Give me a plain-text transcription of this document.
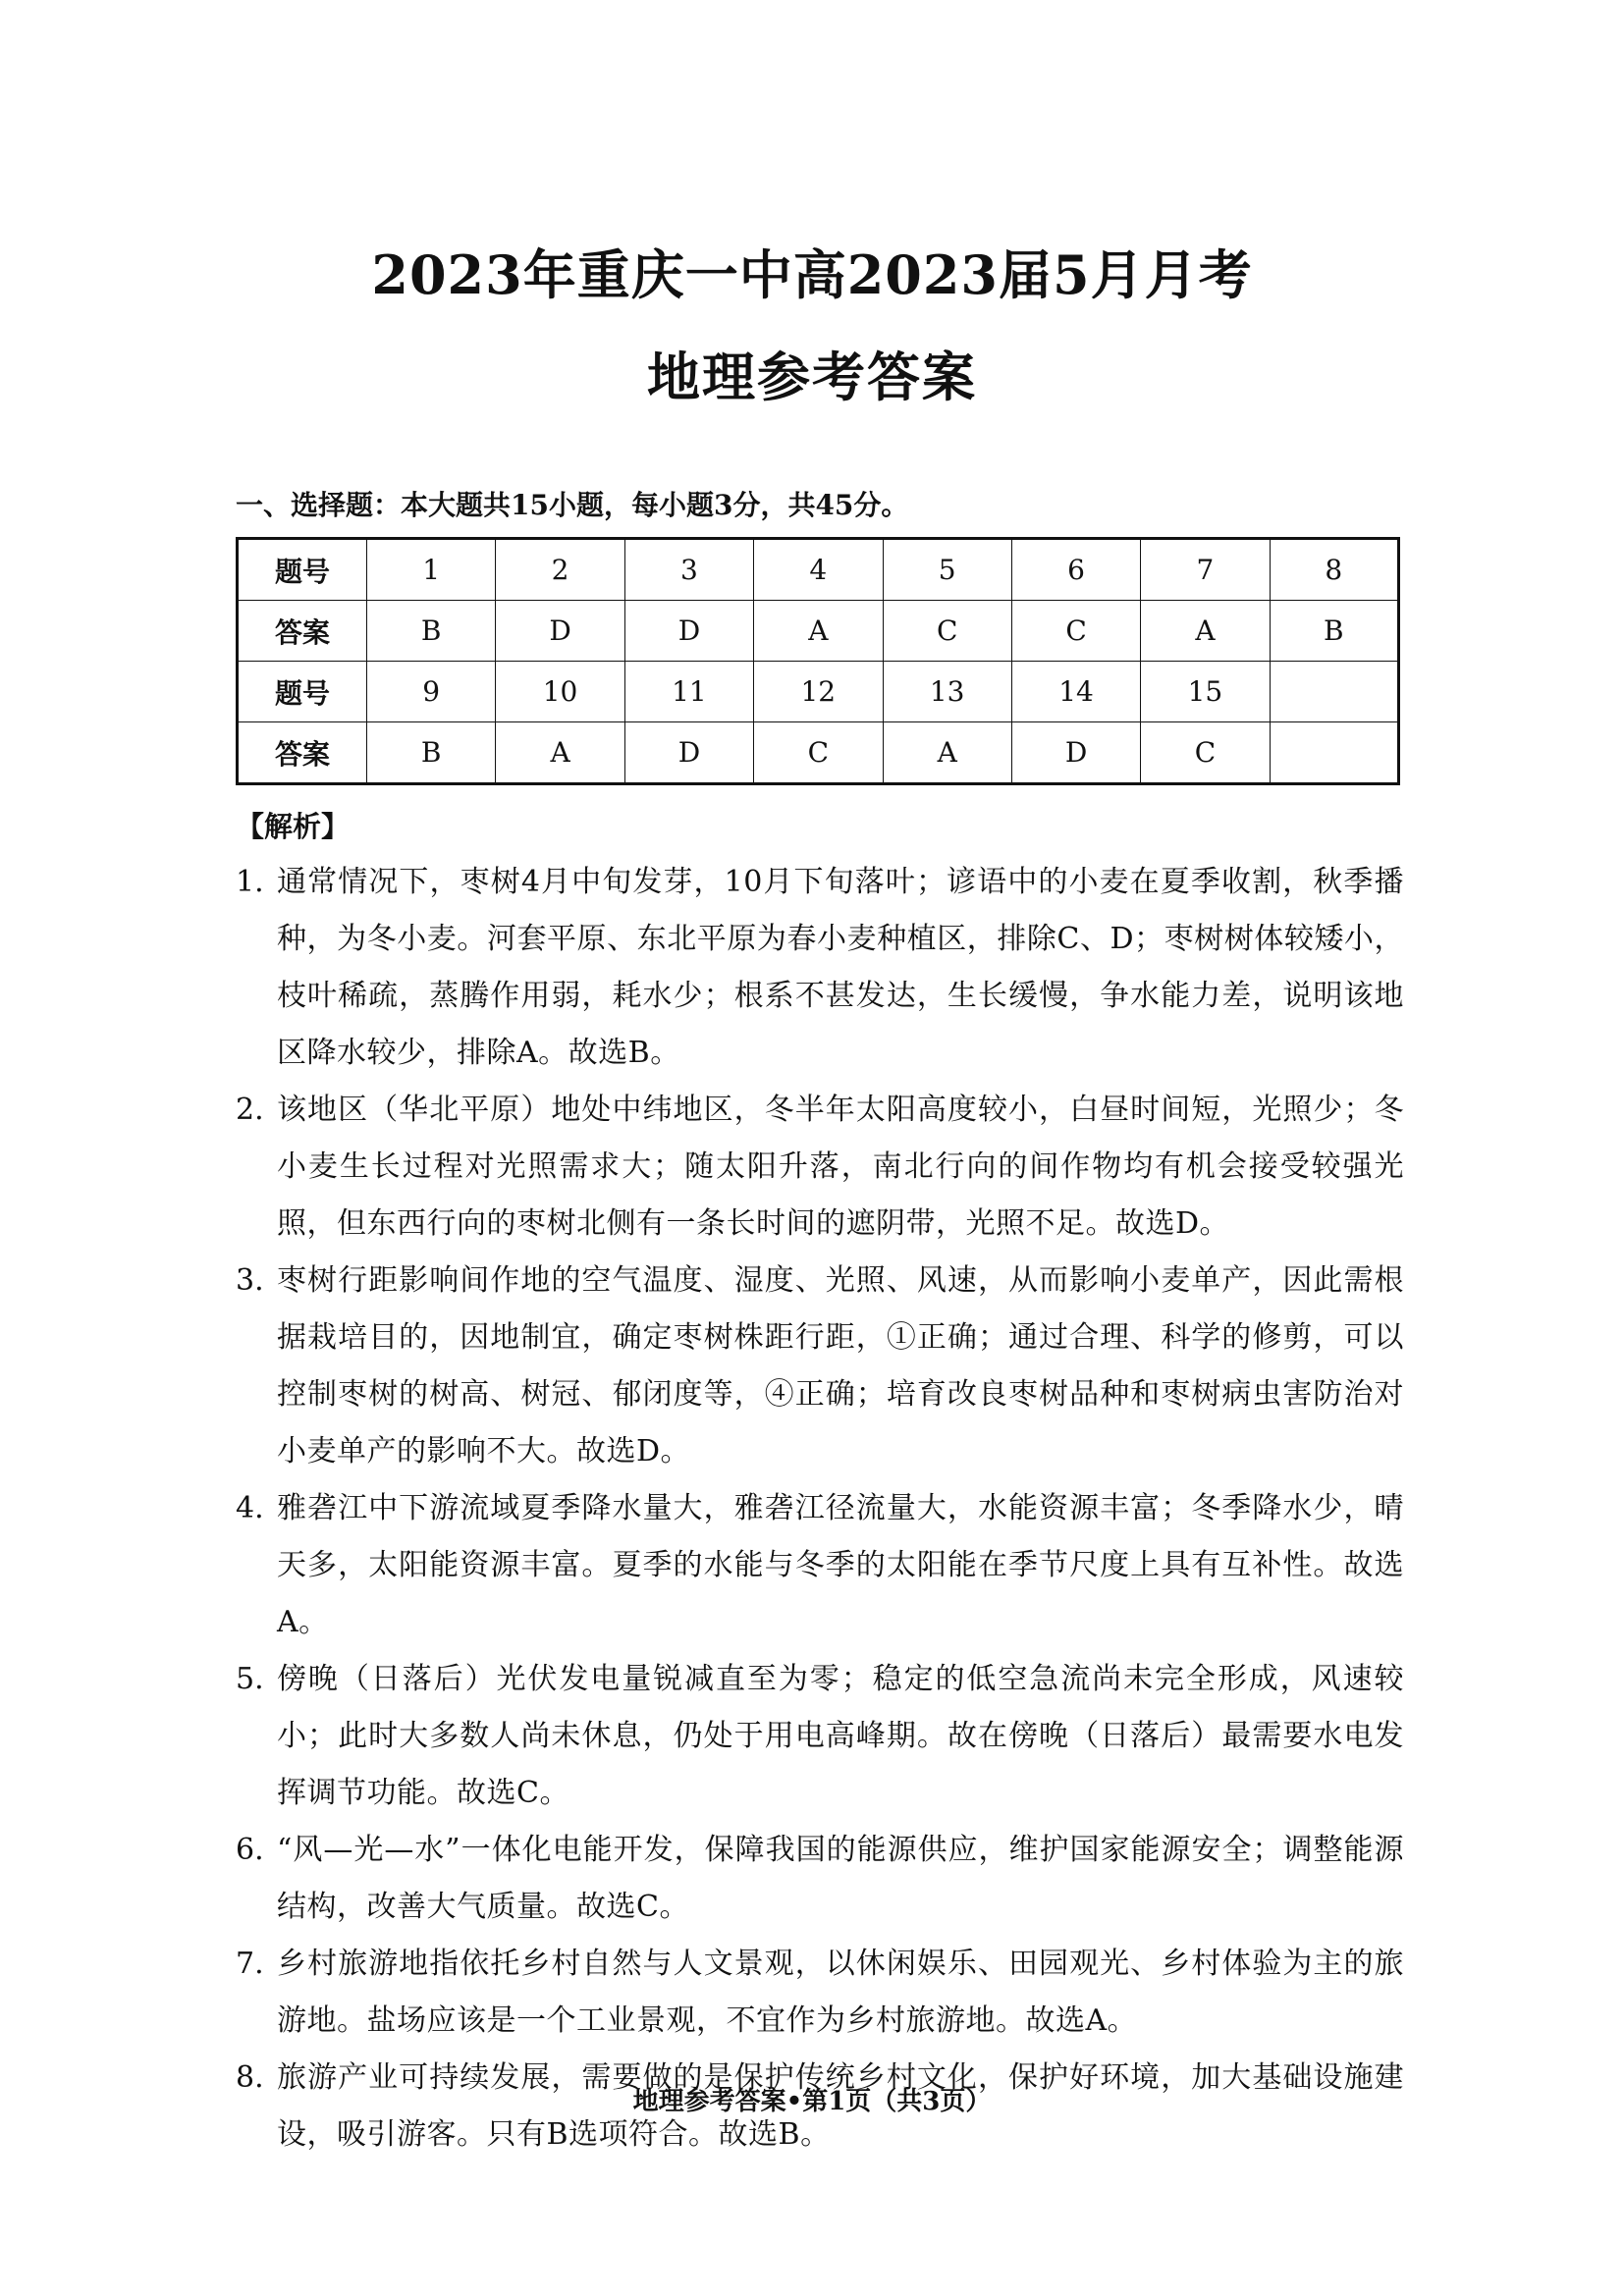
2023年重庆一中高2023届5月月考
地理参考答案
一、选择题：本大题共15小题，每小题3分，共45分。
题号	1	2	3	4	5	6	7	8
答案	B	D	D	A	C	C	A	B
题号	9	10	11	12	13	14	15	
答案	B	A	D	C	A	D	C	
【解析】
1. 通常情况下，枣树4月中旬发芽，10月下旬落叶；谚语中的小麦在夏季收割，秋季播种，为冬小麦。河套平原、东北平原为春小麦种植区，排除C、D；枣树树体较矮小，枝叶稀疏，蒸腾作用弱，耗水少；根系不甚发达，生长缓慢，争水能力差，说明该地区降水较少，排除A。故选B。
2. 该地区（华北平原）地处中纬地区，冬半年太阳高度较小，白昼时间短，光照少；冬小麦生长过程对光照需求大；随太阳升落，南北行向的间作物均有机会接受较强光照，但东西行向的枣树北侧有一条长时间的遮阴带，光照不足。故选D。
3. 枣树行距影响间作地的空气温度、湿度、光照、风速，从而影响小麦单产，因此需根据栽培目的，因地制宜，确定枣树株距行距，①正确；通过合理、科学的修剪，可以控制枣树的树高、树冠、郁闭度等，④正确；培育改良枣树品种和枣树病虫害防治对小麦单产的影响不大。故选D。
4. 雅砻江中下游流域夏季降水量大，雅砻江径流量大，水能资源丰富；冬季降水少，晴天多，太阳能资源丰富。夏季的水能与冬季的太阳能在季节尺度上具有互补性。故选A。
5. 傍晚（日落后）光伏发电量锐减直至为零；稳定的低空急流尚未完全形成，风速较小；此时大多数人尚未休息，仍处于用电高峰期。故在傍晚（日落后）最需要水电发挥调节功能。故选C。
6. “风—光—水”一体化电能开发，保障我国的能源供应，维护国家能源安全；调整能源结构，改善大气质量。故选C。
7. 乡村旅游地指依托乡村自然与人文景观，以休闲娱乐、田园观光、乡村体验为主的旅游地。盐场应该是一个工业景观，不宜作为乡村旅游地。故选A。
8. 旅游产业可持续发展，需要做的是保护传统乡村文化，保护好环境，加大基础设施建设，吸引游客。只有B选项符合。故选B。
地理参考答案•第1页（共3页）
